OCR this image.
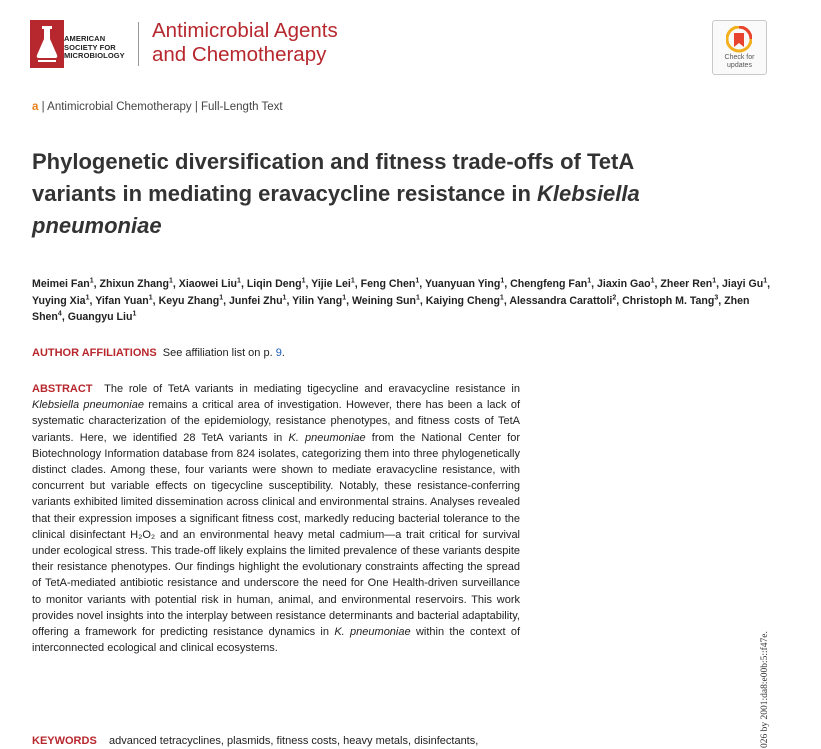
AMERICAN
SOCIETY FOR
MICROBIOLOGY
Antimicrobial Agents
and Chemotherapy	Check for
updates
a | Antimicrobial Chemotherapy | Full-Length Text
Phylogenetic diversification and fitness trade-offs of TetA variants in mediating eravacycline resistance in Klebsiella pneumoniae
Meimei Fan$^1$, Zhixun Zhang$^1$, Xiaowei Liu$^1$, Liqin Deng$^1$, Yijie Lei$^1$, Feng Chen$^1$, Yuanyuan Ying$^1$, Chengfeng Fan$^1$, Jiaxin Gao$^1$, Zheer Ren$^1$, Jiayi Gu$^1$, Yuying Xia$^1$, Yifan Yuan$^1$, Keyu Zhang$^1$, Junfei Zhu$^1$, Yilin Yang$^1$, Weining Sun$^1$, Kaiying Cheng$^1$, Alessandra Carattoli$^2$, Christoph M. Tang$^3$, Zhen Shen$^4$, Guangyu Liu$^1$
AUTHOR AFFILIATIONS See affiliation list on p. 9.
ABSTRACT The role of TetA variants in mediating tigecycline and eravacycline resistance in Klebsiella pneumoniae remains a critical area of investigation. However, there has been a lack of systematic characterization of the epidemiology, resistance phenotypes, and fitness costs of TetA variants. Here, we identified 28 TetA variants in K. pneumoniae from the National Center for Biotechnology Information database from 824 isolates, categorizing them into three phylogenetically distinct clades. Among these, four variants were shown to mediate eravacycline resistance, with concurrent but variable effects on tigecycline susceptibility. Notably, these resistance-conferring variants exhibited limited dissemination across clinical and environmental strains. Analyses revealed that their expression imposes a significant fitness cost, markedly reducing bacterial tolerance to the clinical disinfectant H₂O₂ and an environmental heavy metal cadmium—a trait critical for survival under ecological stress. This trade-off likely explains the limited prevalence of these variants despite their resistance phenotypes. Our findings highlight the evolutionary constraints affecting the spread of TetA-mediated antibiotic resistance and underscore the need for One Health-driven surveillance to monitor variants with potential risk in human, animal, and environmental reservoirs. This work provides novel insights into the interplay between resistance determinants and bacterial adaptability, offering a framework for predicting resistance dynamics in K. pneumoniae within the context of interconnected ecological and clinical ecosystems.
KEYWORDS advanced tetracyclines, plasmids, fitness costs, heavy metals, disinfectants,	026 by 2001:da8:e00b:5::f47e.
